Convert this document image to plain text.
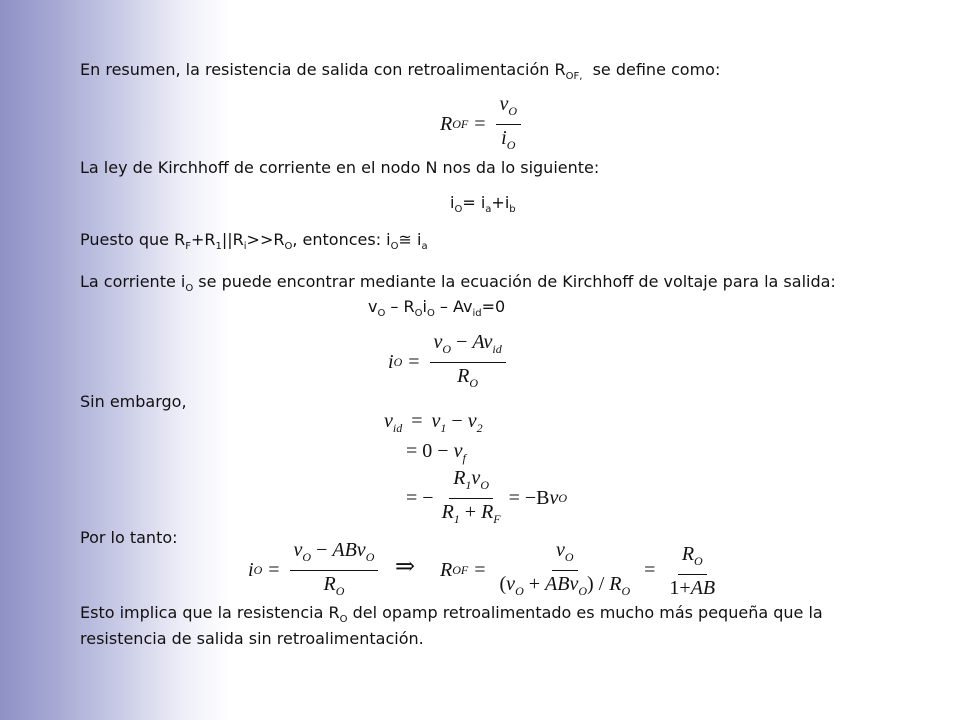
En resumen, la resistencia de salida con retroalimentación $R_{OF,}$  se define como:
R OF = $\frac{v_O}{i_O}$
La ley de Kirchhoff de corriente en el nodo N nos da lo siguiente:
$i_O= i_a+i_b$
Puesto que $R_F+R_1||R_i>>R_O$, entonces: $i_O≅$ $i_a$
La corriente $i_O$ se puede encontrar mediante la ecuación de Kirchhoff de voltaje para la salida:
$v_O - R_Oi_O - Av_{id}=0$
i $O = \frac{v_O - Av_{id}}{R_O}$
Sin embargo,
$v_{id} = v_1 - v_2$
= $0 - v_f$
= − $\frac{R_1v_O}{R_1 + R_F} = -B$ v O
Por lo tanto:
i $O = \frac{v_O - ABv_O}{R_O}$ ⇒ R OF = $\frac{v_O}{(v_O + ABv_O) / R_O} = \frac{R_O}{1+AB}$
Esto implica que la resistencia $R_O$ del opamp retroalimentado es mucho más pequeña que la
resistencia de salida sin retroalimentación.
